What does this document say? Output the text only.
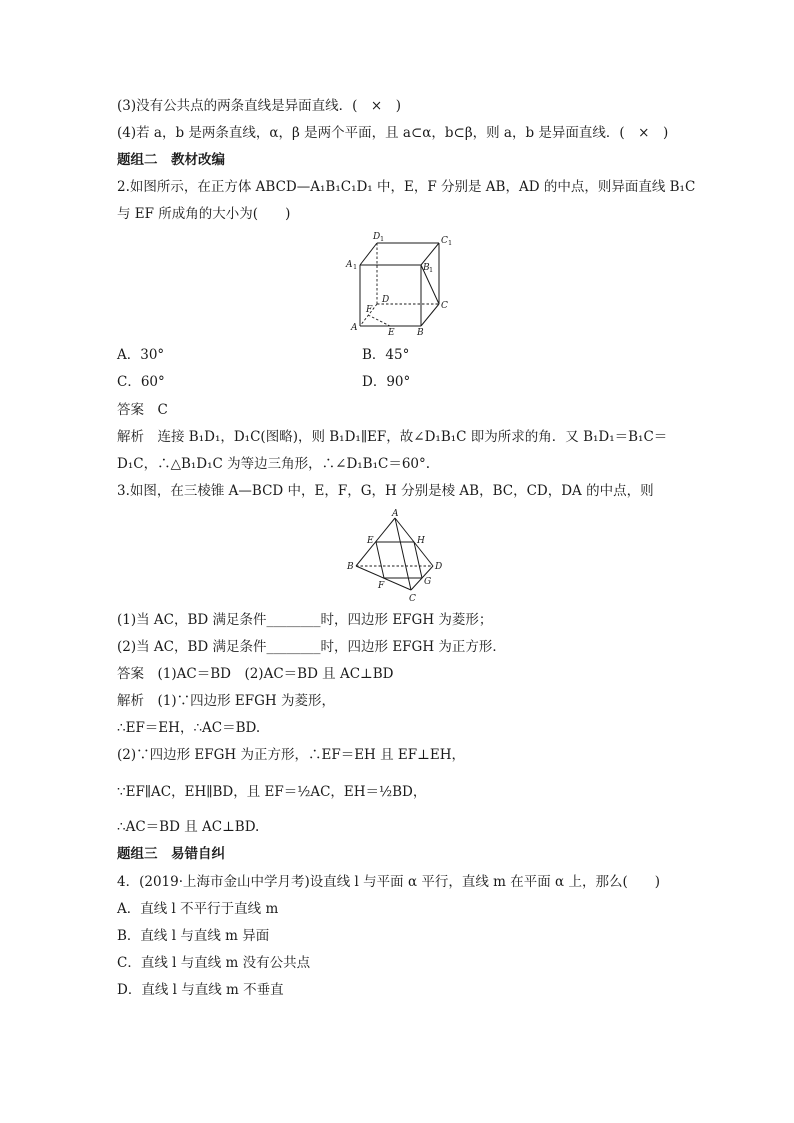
(3)没有公共点的两条直线是异面直线．(　×　)
(4)若 a，b 是两条直线，α，β 是两个平面，且 a⊂α，b⊂β，则 a，b 是异面直线．(　×　)
题组二　教材改编
2.如图所示，在正方体 ABCD—A₁B₁C₁D₁ 中，E，F 分别是 AB，AD 的中点，则异面直线 B₁C
与 EF 所成角的大小为(　　)
D 1	C 1
A 1	B 1
D
C
F
A	E B
A．30°	B．45°
C．60°	D．90°
答案　C
解析　连接 B₁D₁，D₁C(图略)，则 B₁D₁∥EF，故∠D₁B₁C 即为所求的角．又 B₁D₁＝B₁C＝
D₁C，∴△B₁D₁C 为等边三角形，∴∠D₁B₁C＝60°.
3.如图，在三棱锥 A—BCD 中，E，F，G，H 分别是棱 AB，BC，CD，DA 的中点，则
A
E	H
B	D
F	G
C
(1)当 AC，BD 满足条件________时，四边形 EFGH 为菱形；
(2)当 AC，BD 满足条件________时，四边形 EFGH 为正方形．
答案　(1)AC＝BD　(2)AC＝BD 且 AC⊥BD
解析　(1)∵四边形 EFGH 为菱形，
∴EF＝EH，∴AC＝BD.
(2)∵四边形 EFGH 为正方形，∴EF＝EH 且 EF⊥EH，
∵EF∥AC，EH∥BD，且 EF＝½AC，EH＝½BD，
∴AC＝BD 且 AC⊥BD.
题组三　易错自纠
4．(2019·上海市金山中学月考)设直线 l 与平面 α 平行，直线 m 在平面 α 上，那么(　　)
A．直线 l 不平行于直线 m
B．直线 l 与直线 m 异面
C．直线 l 与直线 m 没有公共点
D．直线 l 与直线 m 不垂直
